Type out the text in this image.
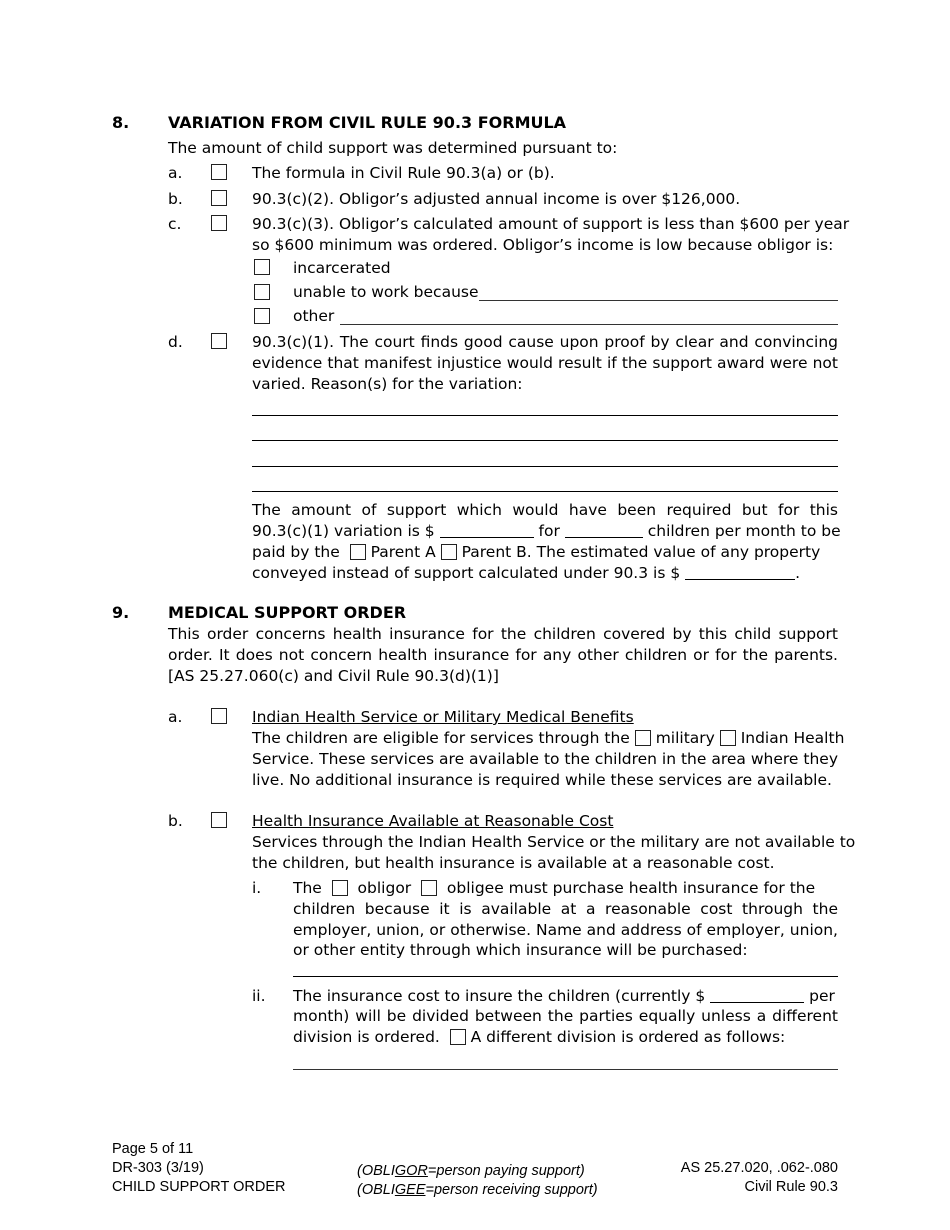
8. VARIATION FROM CIVIL RULE 90.3 FORMULA
The amount of child support was determined pursuant to:
a.	The formula in Civil Rule 90.3(a) or (b).
b.	90.3(c)(2). Obligor’s adjusted annual income is over $126,000.
c.	90.3(c)(3). Obligor’s calculated amount of support is less than $600 per year
so $600 minimum was ordered. Obligor’s income is low because obligor is:
incarcerated
unable to work because
other
d.	90.3(c)(1). The court finds good cause upon proof by clear and convincing
evidence that manifest injustice would result if the support award were not
varied. Reason(s) for the variation:
The amount of support which would have been required but for this
90.3(c)(1) variation is $	for	children per month to be
paid by the Parent A Parent B. The estimated value of any property
conveyed instead of support calculated under 90.3 is $	.
9. MEDICAL SUPPORT ORDER
This order concerns health insurance for the children covered by this child support
order. It does not concern health insurance for any other children or for the parents.
[AS 25.27.060(c) and Civil Rule 90.3(d)(1)]
a.	Indian Health Service or Military Medical Benefits
The children are eligible for services through the military Indian Health
Service. These services are available to the children in the area where they
live. No additional insurance is required while these services are available.
b.	Health Insurance Available at Reasonable Cost
Services through the Indian Health Service or the military are not available to
the children, but health insurance is available at a reasonable cost.
i. The obligor obligee must purchase health insurance for the
children because it is available at a reasonable cost through the
employer, union, or otherwise. Name and address of employer, union,
or other entity through which insurance will be purchased:
ii. The insurance cost to insure the children (currently $	per
month) will be divided between the parties equally unless a different
division is ordered. A different division is ordered as follows:
Page 5 of 11
DR-303 (3/19)
CHILD SUPPORT ORDER
(OBLIGOR=person paying support)
(OBLIGEE=person receiving support)
AS 25.27.020, .062-.080
Civil Rule 90.3
